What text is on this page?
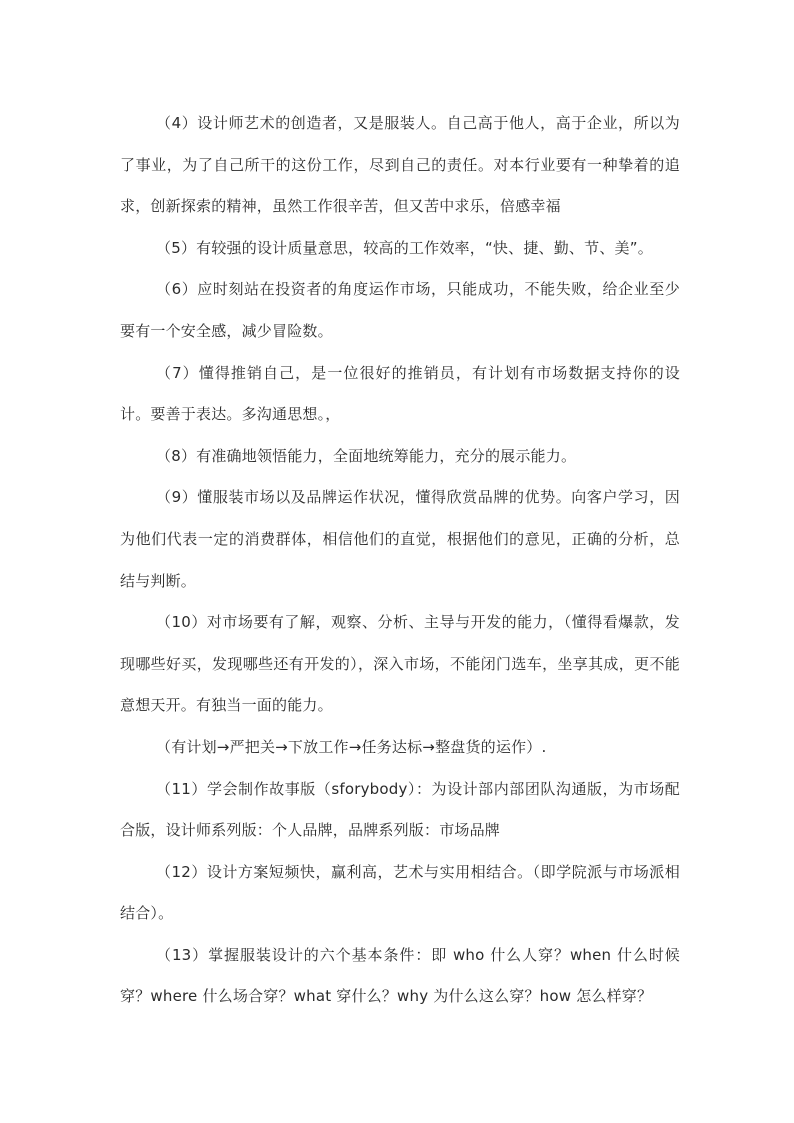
（4）设计师艺术的创造者，又是服装人。自己高于他人，高于企业，所以为了事业，为了自己所干的这份工作，尽到自己的责任。对本行业要有一种挚着的追求，创新探索的精神，虽然工作很辛苦，但又苦中求乐，倍感幸福

（5）有较强的设计质量意思，较高的工作效率，“快、捷、勤、节、美”。

（6）应时刻站在投资者的角度运作市场，只能成功，不能失败，给企业至少要有一个安全感，减少冒险数。

（7）懂得推销自己，是一位很好的推销员，有计划有市场数据支持你的设计。要善于表达。多沟通思想。，

（8）有准确地领悟能力，全面地统筹能力，充分的展示能力。

（9）懂服装市场以及品牌运作状况，懂得欣赏品牌的优势。向客户学习，因为他们代表一定的消费群体，相信他们的直觉，根据他们的意见，正确的分析，总结与判断。

（10）对市场要有了解，观察、分析、主导与开发的能力，（懂得看爆款，发现哪些好买，发现哪些还有开发的），深入市场，不能闭门选车，坐享其成，更不能意想天开。有独当一面的能力。

（有计划→严把关→下放工作→任务达标→整盘货的运作）.

（11）学会制作故事版（sforybody）：为设计部内部团队沟通版，为市场配合版，设计师系列版：个人品牌，品牌系列版：市场品牌

（12）设计方案短频快，赢利高，艺术与实用相结合。（即学院派与市场派相结合）。

（13）掌握服装设计的六个基本条件：即 who 什么人穿？when 什么时候穿？where 什么场合穿？what 穿什么？why 为什么这么穿？how 怎么样穿？
